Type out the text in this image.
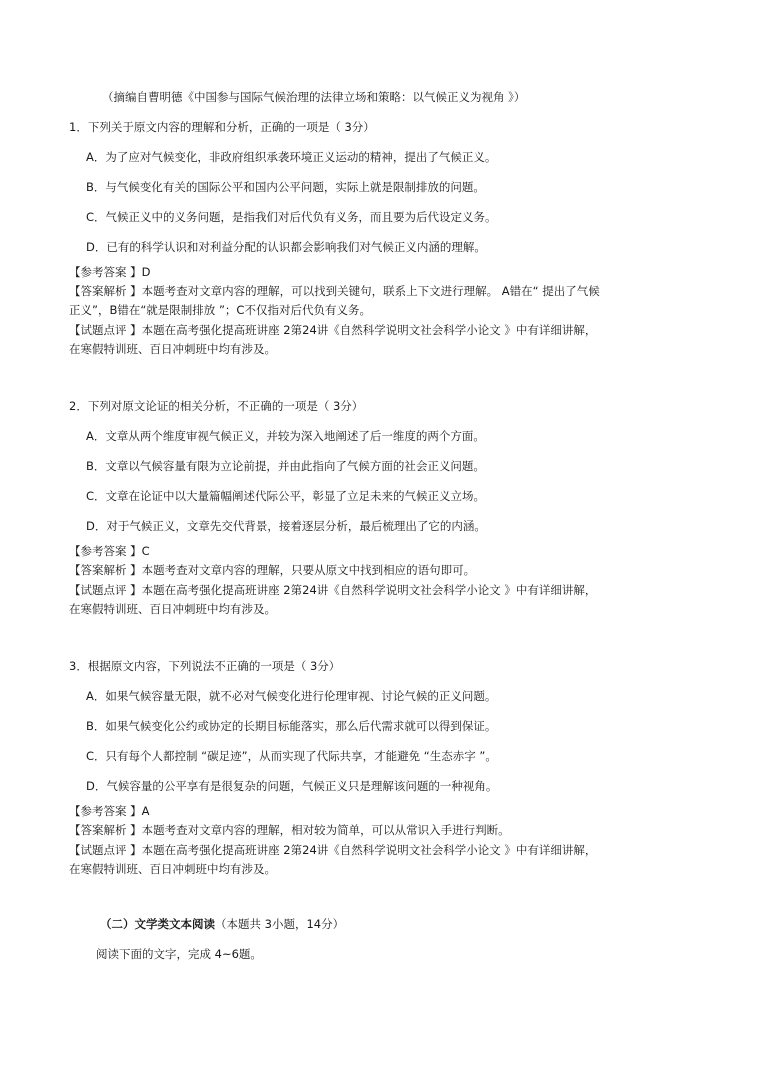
（摘编自曹明德《中国参与国际气候治理的法律立场和策略：以气候正义为视角 》）
1．下列关于原文内容的理解和分析，正确的一项是（ 3分）
A．为了应对气候变化，非政府组织承袭环境正义运动的精神，提出了气候正义。
B．与气候变化有关的国际公平和国内公平问题，实际上就是限制排放的问题。
C．气候正义中的义务问题，是指我们对后代负有义务，而且要为后代设定义务。
D．已有的科学认识和对利益分配的认识都会影响我们对气候正义内涵的理解。
【参考答案 】D
【答案解析 】本题考查对文章内容的理解，可以找到关键句，联系上下文进行理解。 A错在“ 提出了气候
正义”，B错在“就是限制排放 ”；C不仅指对后代负有义务。
【试题点评 】本题在高考强化提高班讲座 2第24讲《自然科学说明文社会科学小论文 》中有详细讲解，
在寒假特训班、百日冲刺班中均有涉及。
2．下列对原文论证的相关分析，不正确的一项是（ 3分）
A．文章从两个维度审视气候正义，并较为深入地阐述了后一维度的两个方面。
B．文章以气候容量有限为立论前提，并由此指向了气候方面的社会正义问题。
C．文章在论证中以大量篇幅阐述代际公平，彰显了立足未来的气候正义立场。
D．对于气候正义，文章先交代背景，接着逐层分析，最后梳理出了它的内涵。
【参考答案 】C
【答案解析 】本题考查对文章内容的理解，只要从原文中找到相应的语句即可。
【试题点评 】本题在高考强化提高班讲座 2第24讲《自然科学说明文社会科学小论文 》中有详细讲解，
在寒假特训班、百日冲刺班中均有涉及。
3．根据原文内容，下列说法不正确的一项是（ 3分）
A．如果气候容量无限，就不必对气候变化进行伦理审视、讨论气候的正义问题。
B．如果气候变化公约或协定的长期目标能落实，那么后代需求就可以得到保证。
C．只有每个人都控制 “碳足迹”，从而实现了代际共享，才能避免 “生态赤字 ”。
D．气候容量的公平享有是很复杂的问题，气候正义只是理解该问题的一种视角。
【参考答案 】A
【答案解析 】本题考查对文章内容的理解，相对较为简单，可以从常识入手进行判断。
【试题点评 】本题在高考强化提高班讲座 2第24讲《自然科学说明文社会科学小论文 》中有详细讲解，
在寒假特训班、百日冲刺班中均有涉及。
（二）文学类文本阅读（本题共 3小题，14分）
阅读下面的文字，完成 4~6题。
